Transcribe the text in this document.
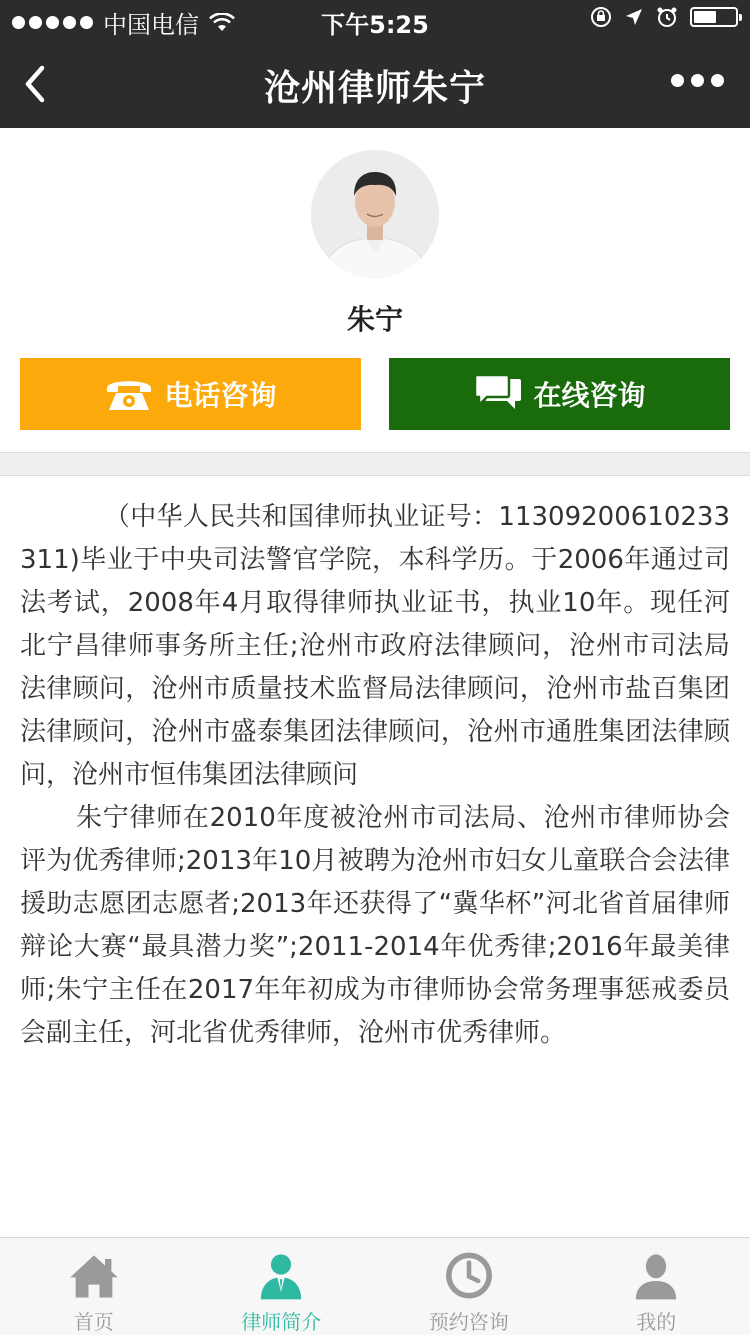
中国电信	下午5:25
沧州律师朱宁
朱宁
电话咨询	在线咨询

（中华人民共和国律师执业证号：11309200610233311)毕业于中央司法警官学院，本科学历。于2006年通过司法考试，2008年4月取得律师执业证书，执业10年。现任河北宁昌律师事务所主任;沧州市政府法律顾问，沧州市司法局法律顾问，沧州市质量技术监督局法律顾问，沧州市盐百集团法律顾问，沧州市盛泰集团法律顾问，沧州市通胜集团法律顾问，沧州市恒伟集团法律顾问

朱宁律师在2010年度被沧州市司法局、沧州市律师协会评为优秀律师;2013年10月被聘为沧州市妇女儿童联合会法律援助志愿团志愿者;2013年还获得了“冀华杯”河北省首届律师辩论大赛“最具潜力奖”;2011-2014年优秀律;2016年最美律师;朱宁主任在2017年年初成为市律师协会常务理事惩戒委员会副主任，河北省优秀律师，沧州市优秀律师。

首页	律师简介	预约咨询	我的
